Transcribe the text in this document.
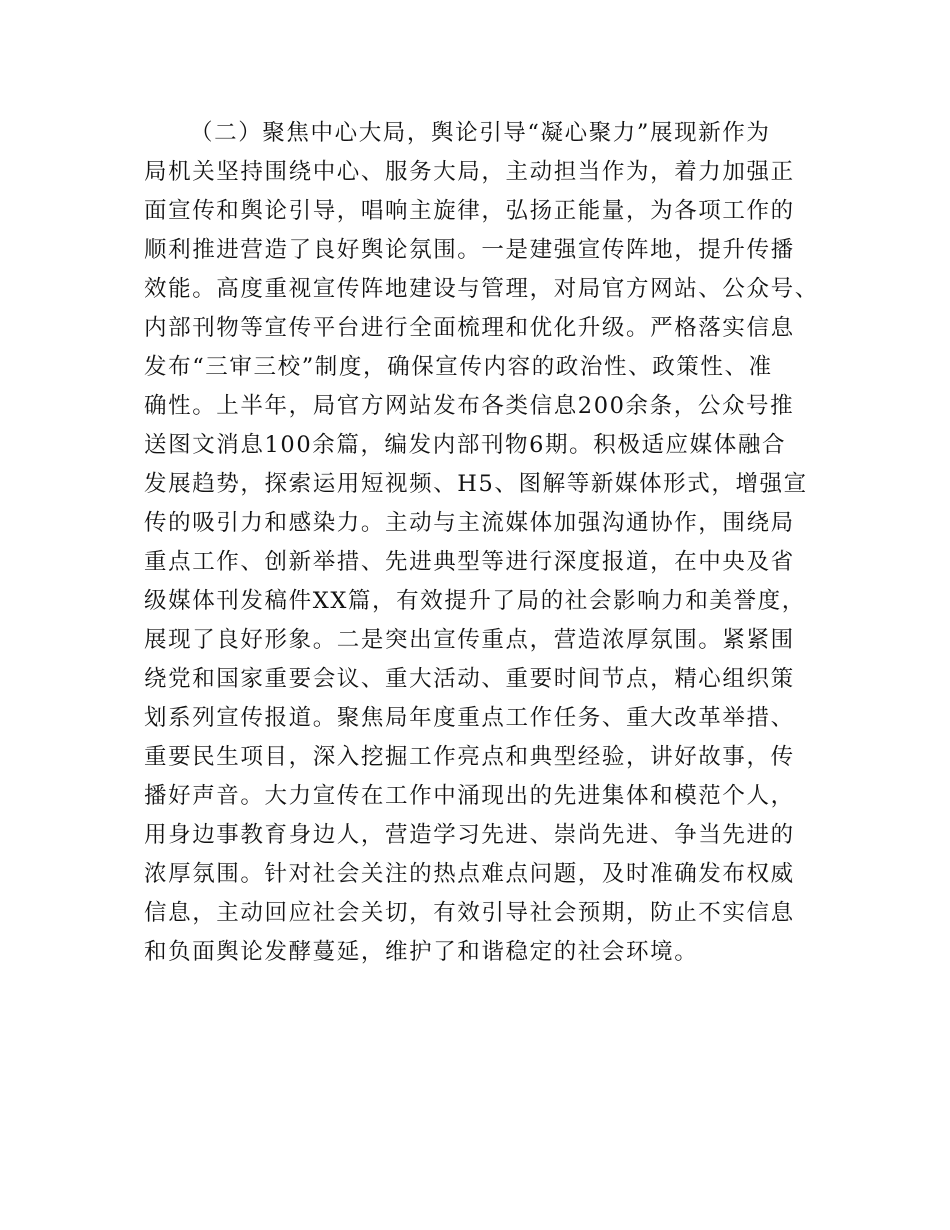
（二）聚焦中心大局，舆论引导“凝心聚力”展现新作为
局机关坚持围绕中心、服务大局，主动担当作为，着力加强正
面宣传和舆论引导，唱响主旋律，弘扬正能量，为各项工作的
顺利推进营造了良好舆论氛围。一是建强宣传阵地，提升传播
效能。高度重视宣传阵地建设与管理，对局官方网站、公众号、
内部刊物等宣传平台进行全面梳理和优化升级。严格落实信息
发布“三审三校”制度，确保宣传内容的政治性、政策性、准
确性。上半年，局官方网站发布各类信息200余条，公众号推
送图文消息100余篇，编发内部刊物6期。积极适应媒体融合
发展趋势，探索运用短视频、H5、图解等新媒体形式，增强宣
传的吸引力和感染力。主动与主流媒体加强沟通协作，围绕局
重点工作、创新举措、先进典型等进行深度报道，在中央及省
级媒体刊发稿件XX篇，有效提升了局的社会影响力和美誉度，
展现了良好形象。二是突出宣传重点，营造浓厚氛围。紧紧围
绕党和国家重要会议、重大活动、重要时间节点，精心组织策
划系列宣传报道。聚焦局年度重点工作任务、重大改革举措、
重要民生项目，深入挖掘工作亮点和典型经验，讲好故事，传
播好声音。大力宣传在工作中涌现出的先进集体和模范个人，
用身边事教育身边人，营造学习先进、崇尚先进、争当先进的
浓厚氛围。针对社会关注的热点难点问题，及时准确发布权威
信息，主动回应社会关切，有效引导社会预期，防止不实信息
和负面舆论发酵蔓延，维护了和谐稳定的社会环境。
